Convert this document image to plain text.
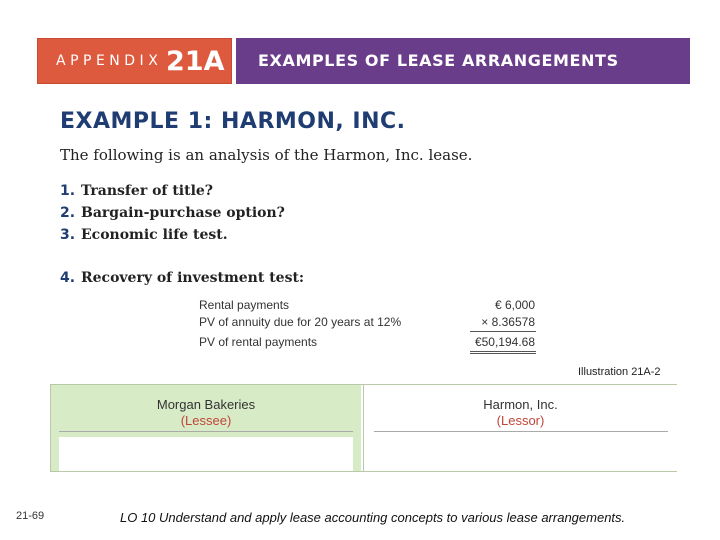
APPENDIX 21A EXAMPLES OF LEASE ARRANGEMENTS
EXAMPLE 1: HARMON, INC.
The following is an analysis of the Harmon, Inc. lease.
1. Transfer of title?
2. Bargain-purchase option?
3. Economic life test.
4. Recovery of investment test:
Rental payments	€ 6,000
PV of annuity due for 20 years at 12%	× 8.36578
PV of rental payments	€50,194.68
Illustration 21A-2
Morgan Bakeries
(Lessee)
Harmon, Inc.
(Lessor)
21-69	LO 10 Understand and apply lease accounting concepts to various lease arrangements.
